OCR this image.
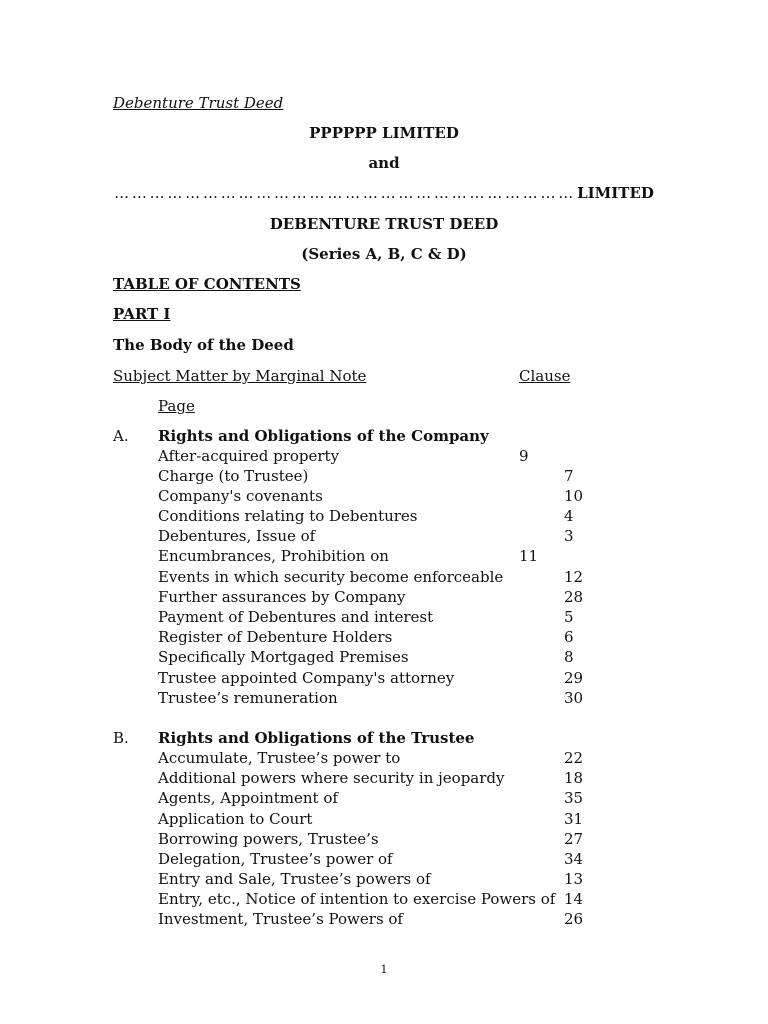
Debenture Trust Deed
PPPPPP LIMITED
and
… … … … … … … … … … … … … … … … … … … … … … … … … … LIMITED
DEBENTURE TRUST DEED
(Series A, B, C & D)
TABLE OF CONTENTS
PART I
The Body of the Deed
Subject Matter by Marginal Note	Clause
Page
A. Rights and Obligations of the Company
After-acquired property	9
Charge (to Trustee)	7
Company's covenants	10
Conditions relating to Debentures	4
Debentures, Issue of	3
Encumbrances, Prohibition on	11
Events in which security become enforceable	12
Further assurances by Company	28
Payment of Debentures and interest	5
Register of Debenture Holders	6
Specifically Mortgaged Premises	8
Trustee appointed Company's attorney	29
Trustee’s remuneration	30
B. Rights and Obligations of the Trustee
Accumulate, Trustee’s power to	22
Additional powers where security in jeopardy	18
Agents, Appointment of	35
Application to Court	31
Borrowing powers, Trustee’s	27
Delegation, Trustee’s power of	34
Entry and Sale, Trustee’s powers of	13
Entry, etc., Notice of intention to exercise Powers of 14
Investment, Trustee’s Powers of	26
1
